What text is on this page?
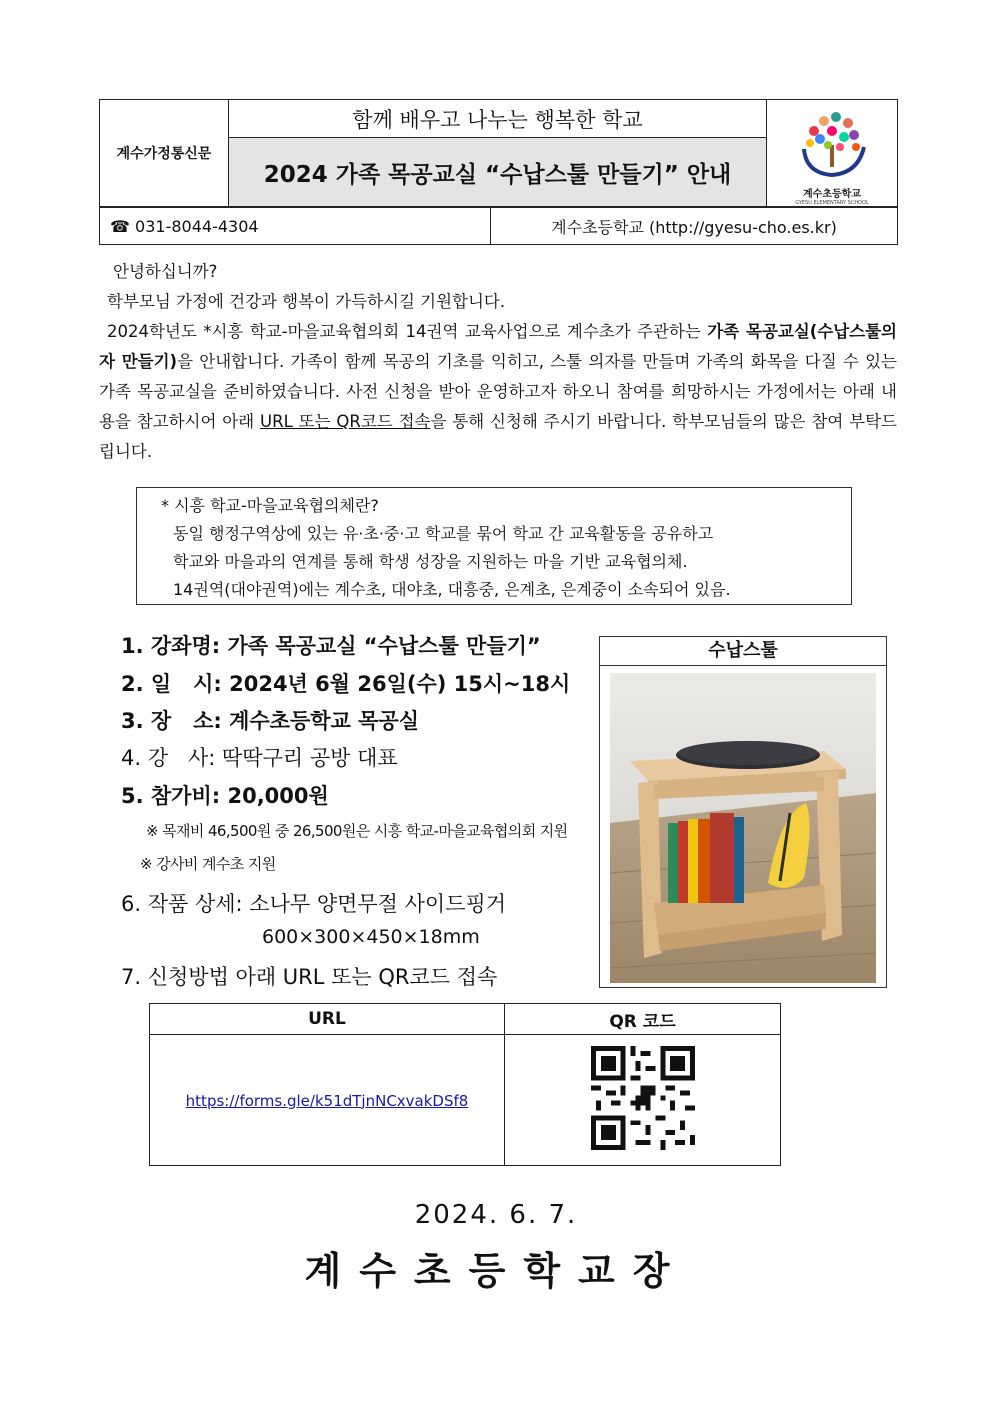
계수가정통신문	함께 배우고 나누는 행복한 학교	
계수초등학교
GYESU ELEMENTARY SCHOOL

2024 가족 목공교실 “수납스툴 만들기” 안내
☎ 031-8044-4304	계수초등학교 (http://gyesu-cho.es.kr)
안녕하십니까?
학부모님 가정에 건강과 행복이 가득하시길 기원합니다.
2024학년도 *시흥 학교-마을교육협의회 14권역 교육사업으로 계수초가 주관하는 가족 목공교실(수납스툴의자 만들기)을 안내합니다. 가족이 함께 목공의 기초를 익히고, 스툴 의자를 만들며 가족의 화목을 다질 수 있는 가족 목공교실을 준비하였습니다. 사전 신청을 받아 운영하고자 하오니 참여를 희망하시는 가정에서는 아래 내용을 참고하시어 아래 URL 또는 QR코드 접속을 통해 신청해 주시기 바랍니다. 학부모님들의 많은 참여 부탁드립니다.
* 시흥 학교-마을교육협의체란?
동일 행정구역상에 있는 유·초·중·고 학교를 묶어 학교 간 교육활동을 공유하고
학교와 마을과의 연계를 통해 학생 성장을 지원하는 마을 기반 교육협의체.
14권역(대야권역)에는 계수초, 대야초, 대흥중, 은계초, 은계중이 소속되어 있음.
1. 강좌명: 가족 목공교실 “수납스툴 만들기”
2. 일   시: 2024년 6월 26일(수) 15시~18시
3. 장   소: 계수초등학교 목공실
4. 강   사: 딱딱구리 공방 대표
5. 참가비: 20,000원
※ 목재비 46,500원 중 26,500원은 시흥 학교-마을교육협의회 지원
※ 강사비 계수초 지원
6. 작품 상세: 소나무 양면무절 사이드핑거
600×300×450×18mm
7. 신청방법 아래 URL 또는 QR코드 접속
수납스툴
URL	QR 코드
https://forms.gle/k51dTjnNCxvakDSf8	
2024. 6. 7.
계수초등학교장
